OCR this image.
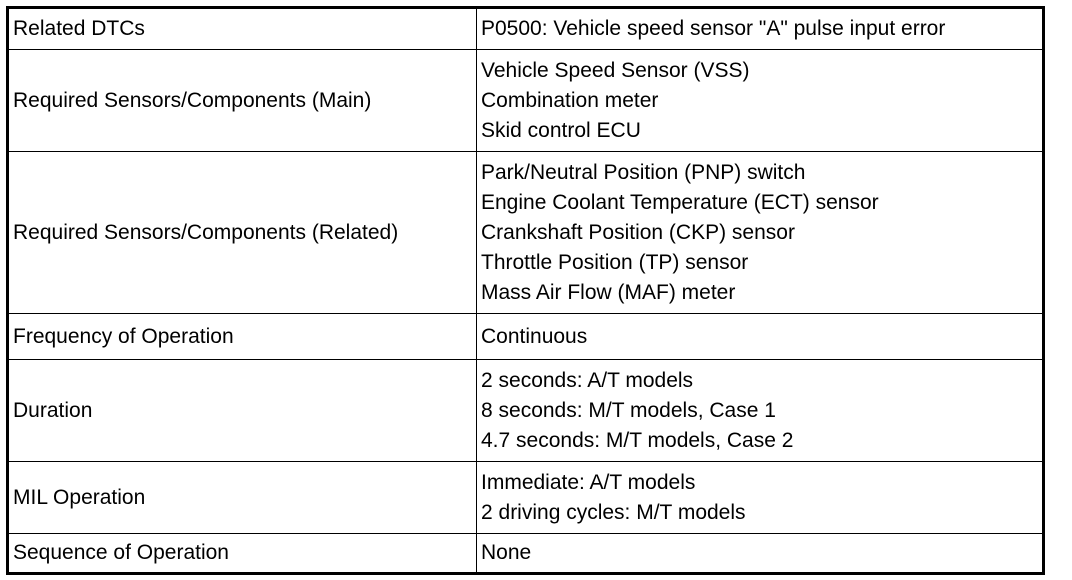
Related DTCs	P0500: Vehicle speed sensor "A" pulse input error

Required Sensors/Components (Main)	Vehicle Speed Sensor (VSS)
Combination meter
Skid control ECU

Required Sensors/Components (Related)	Park/Neutral Position (PNP) switch
Engine Coolant Temperature (ECT) sensor
Crankshaft Position (CKP) sensor
Throttle Position (TP) sensor
Mass Air Flow (MAF) meter

Frequency of Operation	Continuous

Duration	2 seconds: A/T models
8 seconds: M/T models, Case 1
4.7 seconds: M/T models, Case 2

MIL Operation	Immediate: A/T models
2 driving cycles: M/T models

Sequence of Operation	None
